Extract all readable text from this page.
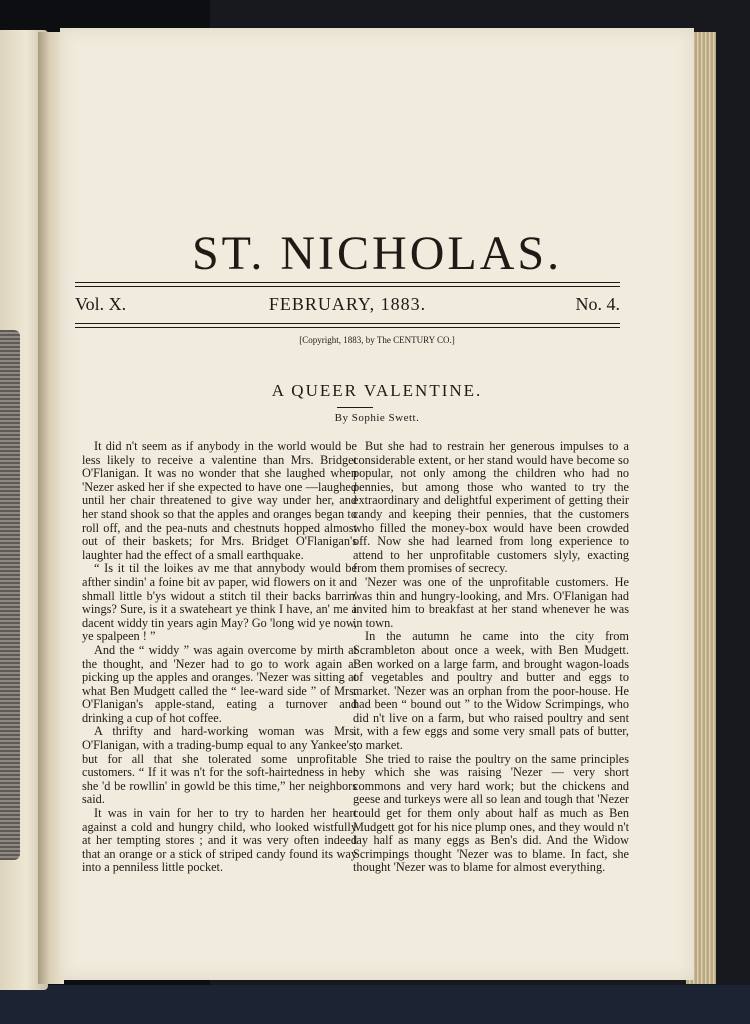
ST. NICHOLAS.
FEBRUARY, 1883.
Vol. X.	No. 4.
[Copyright, 1883, by The CENTURY CO.]
A QUEER VALENTINE.
By Sophie Swett.

It did n't seem as if anybody in the world would be less likely to receive a valentine than Mrs. Bridget O'Flanigan. It was no wonder that she laughed when 'Nezer asked her if she expected to have one —laughed until her chair threatened to give way under her, and her stand shook so that the apples and oranges began to roll off, and the pea-nuts and chestnuts hopped almost out of their baskets; for Mrs. Bridget O'Flanigan's laughter had the effect of a small earthquake.

“ Is it til the loikes av me that annybody would be afther sindin' a foine bit av paper, wid flowers on it and shmall little b'ys widout a stitch til their backs barrin' wings? Sure, is it a swateheart ye think I have, an' me a dacent widdy tin years agin May? Go 'long wid ye now, ye spalpeen ! ”

And the “ widdy ” was again overcome by mirth at the thought, and 'Nezer had to go to work again at picking up the apples and oranges. 'Nezer was sitting at what Ben Mudgett called the “ lee-ward side ” of Mrs. O'Flanigan's apple-stand, eating a turnover and drinking a cup of hot coffee.

A thrifty and hard-working woman was Mrs. O'Flanigan, with a trading-bump equal to any Yankee's; but for all that she tolerated some unprofitable customers. “ If it was n't for the soft-hairtedness in her she 'd be rowllin' in gowld be this time,” her neighbors said.

It was in vain for her to try to harden her heart against a cold and hungry child, who looked wistfully at her tempting stores ; and it was very often indeed that an orange or a stick of striped candy found its way into a penniless little pocket.

But she had to restrain her generous impulses to a considerable extent, or her stand would have become so popular, not only among the children who had no pennies, but among those who wanted to try the extraordinary and delightful experiment of getting their candy and keeping their pennies, that the customers who filled the money-box would have been crowded off. Now she had learned from long experience to attend to her unprofitable customers slyly, exacting from them promises of secrecy.

'Nezer was one of the unprofitable customers. He was thin and hungry-looking, and Mrs. O'Flanigan had invited him to breakfast at her stand whenever he was in town.

In the autumn he came into the city from Scrambleton about once a week, with Ben Mudgett. Ben worked on a large farm, and brought wagon-loads of vegetables and poultry and butter and eggs to market. 'Nezer was an orphan from the poor-house. He had been “ bound out ” to the Widow Scrimpings, who did n't live on a farm, but who raised poultry and sent it, with a few eggs and some very small pats of butter, to market.

She tried to raise the poultry on the same principles by which she was raising 'Nezer — very short commons and very hard work; but the chickens and geese and turkeys were all so lean and tough that 'Nezer could get for them only about half as much as Ben Mudgett got for his nice plump ones, and they would n't lay half as many eggs as Ben's did. And the Widow Scrimpings thought 'Nezer was to blame. In fact, she thought 'Nezer was to blame for almost everything.
